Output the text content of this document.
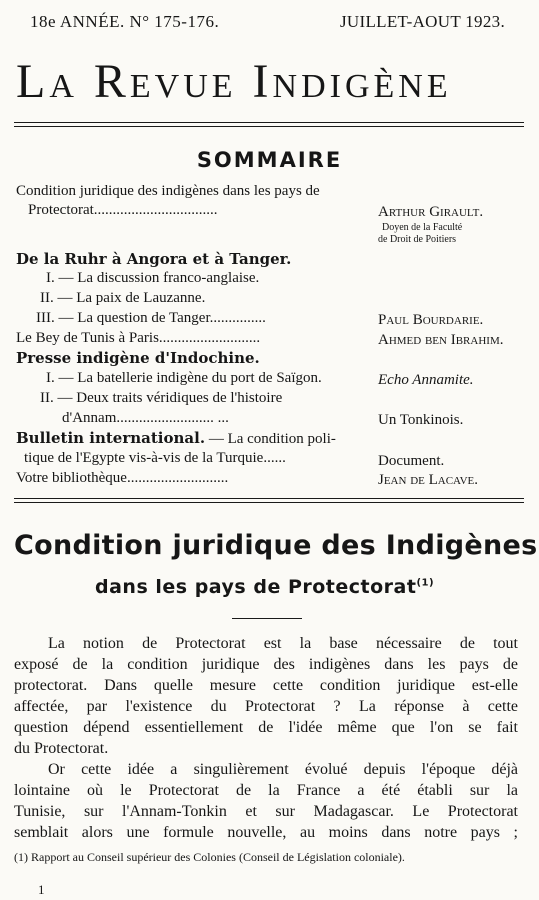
18e ANNÉE. N° 175-176.	JUILLET-AOUT 1923.
La Revue Indigène
SOMMAIRE
Condition juridique des indigènes dans les pays de
Protectorat.................................
De la Ruhr à Angora et à Tanger.
I. — La discussion franco-anglaise.
II. — La paix de Lauzanne.
III. — La question de Tanger...............
Le Bey de Tunis à Paris...........................
Presse indigène d'Indochine.
I. — La batellerie indigène du port de Saïgon.
II. — Deux traits véridiques de l'histoire
d'Annam.......................... ...
Bulletin international. — La condition poli-
tique de l'Egypte vis-à-vis de la Turquie......
Votre bibliothèque...........................
Arthur Girault.
Doyen de la Faculté
de Droit de Poitiers
Paul Bourdarie.
Ahmed ben Ibrahim.
Echo Annamite.
Un Tonkinois.
Document.
Jean de Lacave.
Condition juridique des Indigènes
dans les pays de Protectorat$^{(1)}$
La notion de Protectorat est la base nécessaire de tout
exposé de la condition juridique des indigènes dans les pays de
protectorat. Dans quelle mesure cette condition juridique est-elle
affectée, par l'existence du Protectorat ? La réponse à cette
question dépend essentiellement de l'idée même que l'on se fait
du Protectorat.
Or cette idée a singulièrement évolué depuis l'époque déjà
lointaine où le Protectorat de la France a été établi sur la
Tunisie, sur l'Annam-Tonkin et sur Madagascar. Le Protectorat
semblait alors une formule nouvelle, au moins dans notre pays ;
(1) Rapport au Conseil supérieur des Colonies (Conseil de Législation coloniale).
1
